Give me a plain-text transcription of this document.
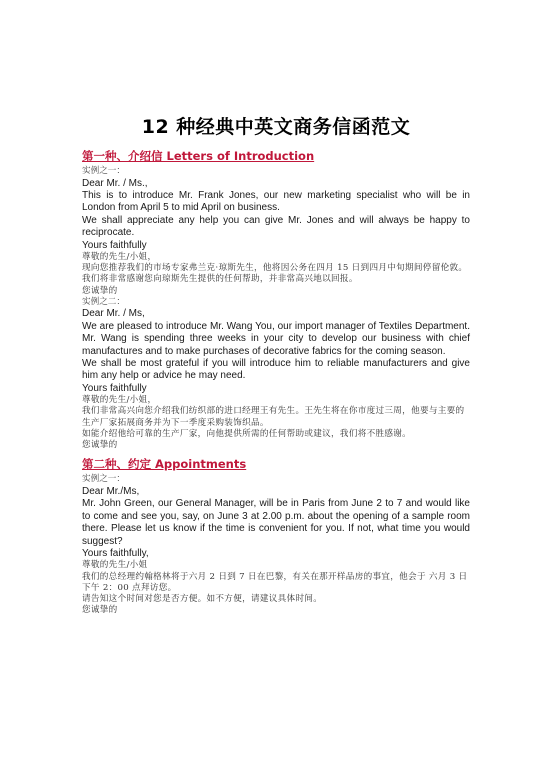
12 种经典中英文商务信函范文
第一种、介绍信 Letters of Introduction

实例之一：

Dear Mr. / Ms.,

This is to introduce Mr. Frank Jones, our new marketing specialist who will be in London from April 5 to mid April on business.

We shall appreciate any help you can give Mr. Jones and will always be happy to reciprocate.

Yours faithfully

尊敬的先生/小姐，

现向您推荐我们的市场专家弗兰克·琼斯先生，他将因公务在四月 15 日到四月中旬期间停留伦敦。

我们将非常感谢您向琼斯先生提供的任何帮助，并非常高兴地以回报。

您诚挚的

实例之二：

Dear Mr. / Ms,

We are pleased to introduce Mr. Wang You, our import manager of Textiles Department. Mr. Wang is spending three weeks in your city to develop our business with chief manufactures and to make purchases of decorative fabrics for the coming season.

We shall be most grateful if you will introduce him to reliable manufacturers and give him any help or advice he may need.

Yours faithfully

尊敬的先生/小姐，

我们非常高兴向您介绍我们纺织部的进口经理王有先生。王先生将在你市度过三周，他要与主要的生产厂家拓展商务并为下一季度采购装饰织品。

如能介绍他给可靠的生产厂家，向他提供所需的任何帮助或建议，我们将不胜感谢。

您诚挚的

第二种、约定 Appointments

实例之一：

Dear Mr./Ms,

Mr. John Green, our General Manager, will be in Paris from June 2 to 7 and would like to come and see you, say, on June 3 at 2.00 p.m. about the opening of a sample room there. Please let us know if the time is convenient for you. If not, what time you would suggest?

Yours faithfully,

尊敬的先生/小姐

我们的总经理约翰格林将于六月 2 日到 7 日在巴黎，有关在那开样品房的事宜，他会于 六月 3 日下午 2：00 点拜访您。

请告知这个时间对您是否方便。如不方便，请建议具体时间。

您诚挚的
